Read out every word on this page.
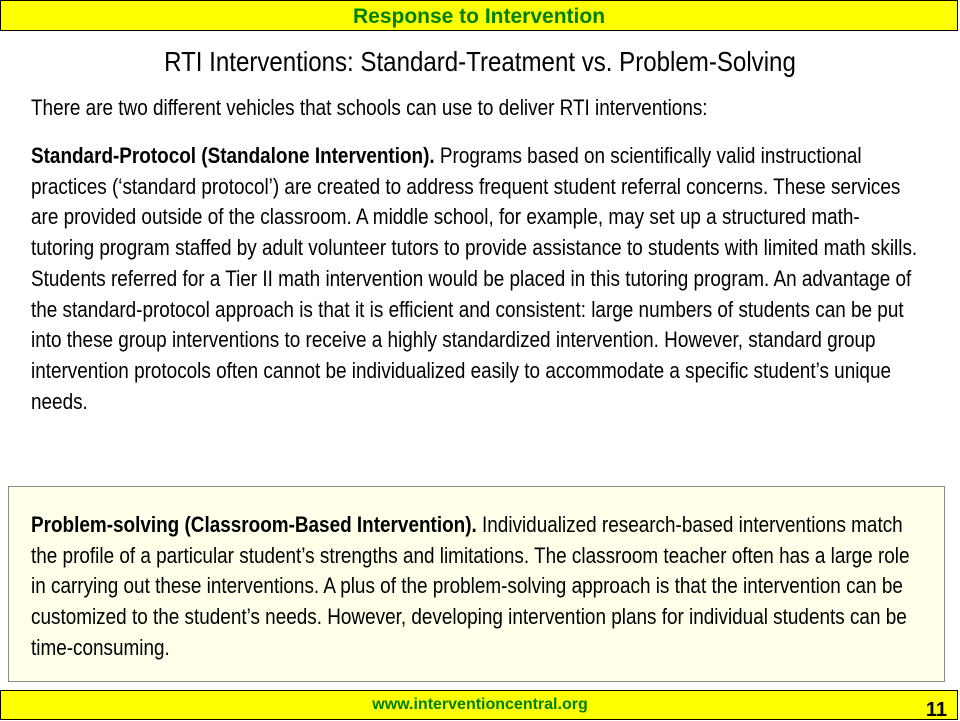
Response to Intervention
RTI Interventions: Standard-Treatment vs. Problem-Solving
There are two different vehicles that schools can use to deliver RTI interventions:
Standard-Protocol (Standalone Intervention). Programs based on scientifically valid instructional practices (‘standard protocol’) are created to address frequent student referral concerns. These services are provided outside of the classroom. A middle school, for example, may set up a structured math-tutoring program staffed by adult volunteer tutors to provide assistance to students with limited math skills. Students referred for a Tier II math intervention would be placed in this tutoring program. An advantage of the standard-protocol approach is that it is efficient and consistent: large numbers of students can be put into these group interventions to receive a highly standardized intervention. However, standard group intervention protocols often cannot be individualized easily to accommodate a specific student’s unique needs.
Problem-solving (Classroom-Based Intervention). Individualized research-based interventions match the profile of a particular student’s strengths and limitations. The classroom teacher often has a large role in carrying out these interventions. A plus of the problem-solving approach is that the intervention can be customized to the student’s needs. However, developing intervention plans for individual students can be time-consuming.
www.interventioncentral.org	11
